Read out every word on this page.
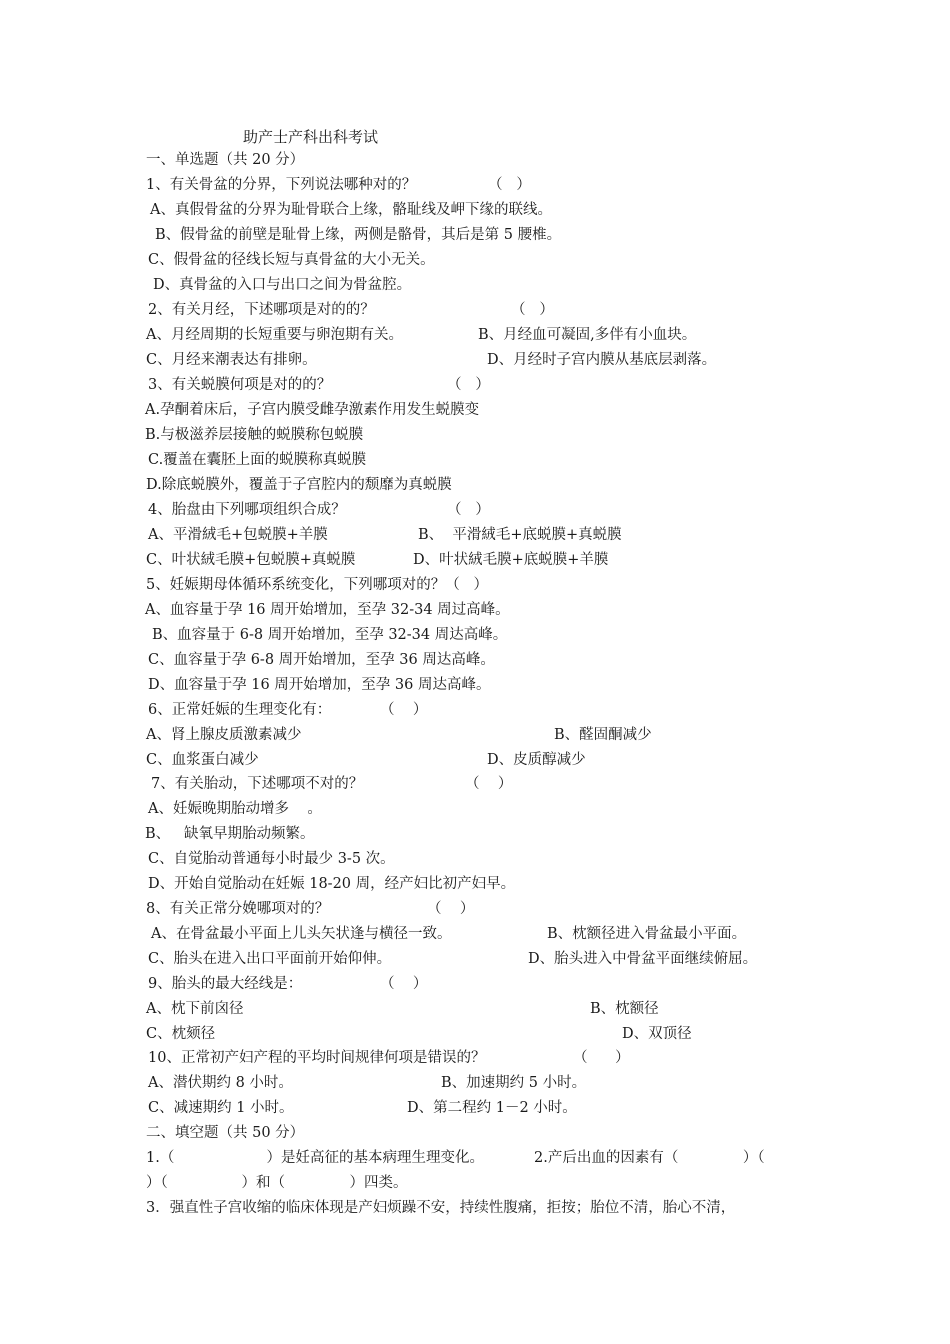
助产士产科出科考试
一、单选题（共 20 分）
1、有关骨盆的分界，下列说法哪种对的？	（   ）
A、真假骨盆的分界为耻骨联合上缘，骼耻线及岬下缘的联线。
B、假骨盆的前壁是耻骨上缘，两侧是骼骨，其后是第 5 腰椎。
C、假骨盆的径线长短与真骨盆的大小无关。
D、真骨盆的入口与出口之间为骨盆腔。
2、有关月经，下述哪项是对的的？	（   ）
A、月经周期的长短重要与卵泡期有关。	B、月经血可凝固,多伴有小血块。
C、月经来潮表达有排卵。	D、月经时子宫内膜从基底层剥落。
3、有关蜕膜何项是对的的？	（   ）
A.孕酮着床后，子宫内膜受雌孕激素作用发生蜕膜变
B.与极滋养层接触的蜕膜称包蜕膜
C.覆盖在囊胚上面的蜕膜称真蜕膜
D.除底蜕膜外，覆盖于子宫腔内的颓靡为真蜕膜
4、胎盘由下列哪项组织合成？	（   ）
A、平滑絨毛+包蜕膜+羊膜	B、  平滑絨毛+底蜕膜+真蜕膜
C、叶状絨毛膜+包蜕膜+真蜕膜	D、叶状絨毛膜+底蜕膜+羊膜
5、妊娠期母体循环系统变化，下列哪项对的？（   ）
A、血容量于孕 16 周开始增加，至孕 32-34 周过高峰。
B、血容量于 6-8 周开始增加，至孕 32-34 周达高峰。
C、血容量于孕 6-8 周开始增加，至孕 36 周达高峰。
D、血容量于孕 16 周开始增加，至孕 36 周达高峰。
6、正常妊娠的生理变化有：	（    ）
A、肾上腺皮质激素减少	B、醛固酮减少
C、血浆蛋白减少	D、皮质醇减少
7、有关胎动，下述哪项不对的？	（    ）
A、妊娠晚期胎动增多    。
B、   缺氧早期胎动频繁。
C、自觉胎动普通每小时最少 3-5 次。
D、开始自觉胎动在妊娠 18-20 周，经产妇比初产妇早。
8、有关正常分娩哪项对的？	（    ）
A、在骨盆最小平面上儿头矢状逢与横径一致。	B、枕额径进入骨盆最小平面。
C、胎头在进入出口平面前开始仰伸。	D、胎头进入中骨盆平面继续俯屈。
9、胎头的最大经线是：	（    ）
A、枕下前囟径	B、枕额径
C、枕颏径	D、双顶径
10、正常初产妇产程的平均时间规律何项是错误的？	（      ）
A、潜伏期约 8 小时。	B、加速期约 5 小时。
C、减速期约 1 小时。	D、第二程约 1－2 小时。
二、填空题（共 50 分）
1.（                    ）是妊高征的基本病理生理变化。	2.产后出血的因素有（              ）（
）（                ）和（              ）四类。
3．强直性子宫收缩的临床体现是产妇烦躁不安，持续性腹痛，拒按；胎位不清，胎心不清，
